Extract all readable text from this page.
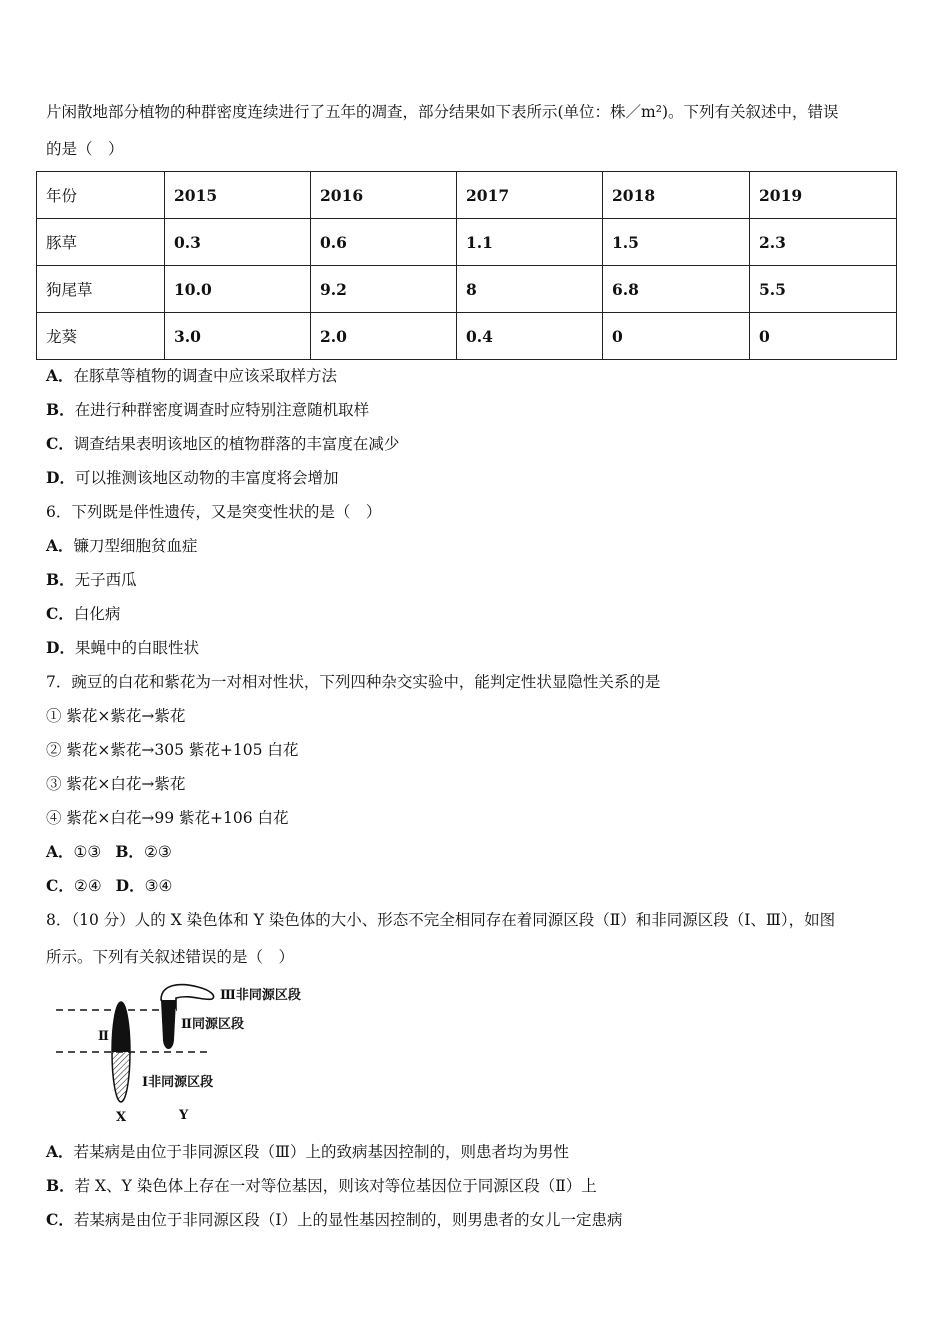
片闲散地部分植物的种群密度连续进行了五年的凋查，部分结果如下表所示(单位：株／m²)。下列有关叙述中，错误
的是（　）
年份	2015	2016	2017	2018	2019
豚草	0.3	0.6	1.1	1.5	2.3
狗尾草	10.0	9.2	8	6.8	5.5
龙葵	3.0	2.0	0.4	0	0
A．在豚草等植物的调查中应该采取样方法
B．在进行种群密度调查时应特别注意随机取样
C．调查结果表明该地区的植物群落的丰富度在减少
D．可以推测该地区动物的丰富度将会增加
6．下列既是伴性遗传，又是突变性状的是（　）
A．镰刀型细胞贫血症
B．无子西瓜
C．白化病
D．果蝇中的白眼性状
7．豌豆的白花和紫花为一对相对性状，下列四种杂交实验中，能判定性状显隐性关系的是
① 紫花×紫花→紫花
② 紫花×紫花→305 紫花+105 白花
③ 紫花×白花→紫花
④ 紫花×白花→99 紫花+106 白花
A．①③ B．②③
C．②④ D．③④
8．（10 分）人的 X 染色体和 Y 染色体的大小、形态不完全相同存在着同源区段（Ⅱ）和非同源区段（Ⅰ、Ⅲ），如图
所示。下列有关叙述错误的是（　）
Ⅲ非同源区段
Ⅱ同源区段
Ⅱ
Ⅰ非同源区段
X	Y
A．若某病是由位于非同源区段（Ⅲ）上的致病基因控制的，则患者均为男性
B．若 X、Y 染色体上存在一对等位基因，则该对等位基因位于同源区段（Ⅱ）上
C．若某病是由位于非同源区段（Ⅰ）上的显性基因控制的，则男患者的女儿一定患病
